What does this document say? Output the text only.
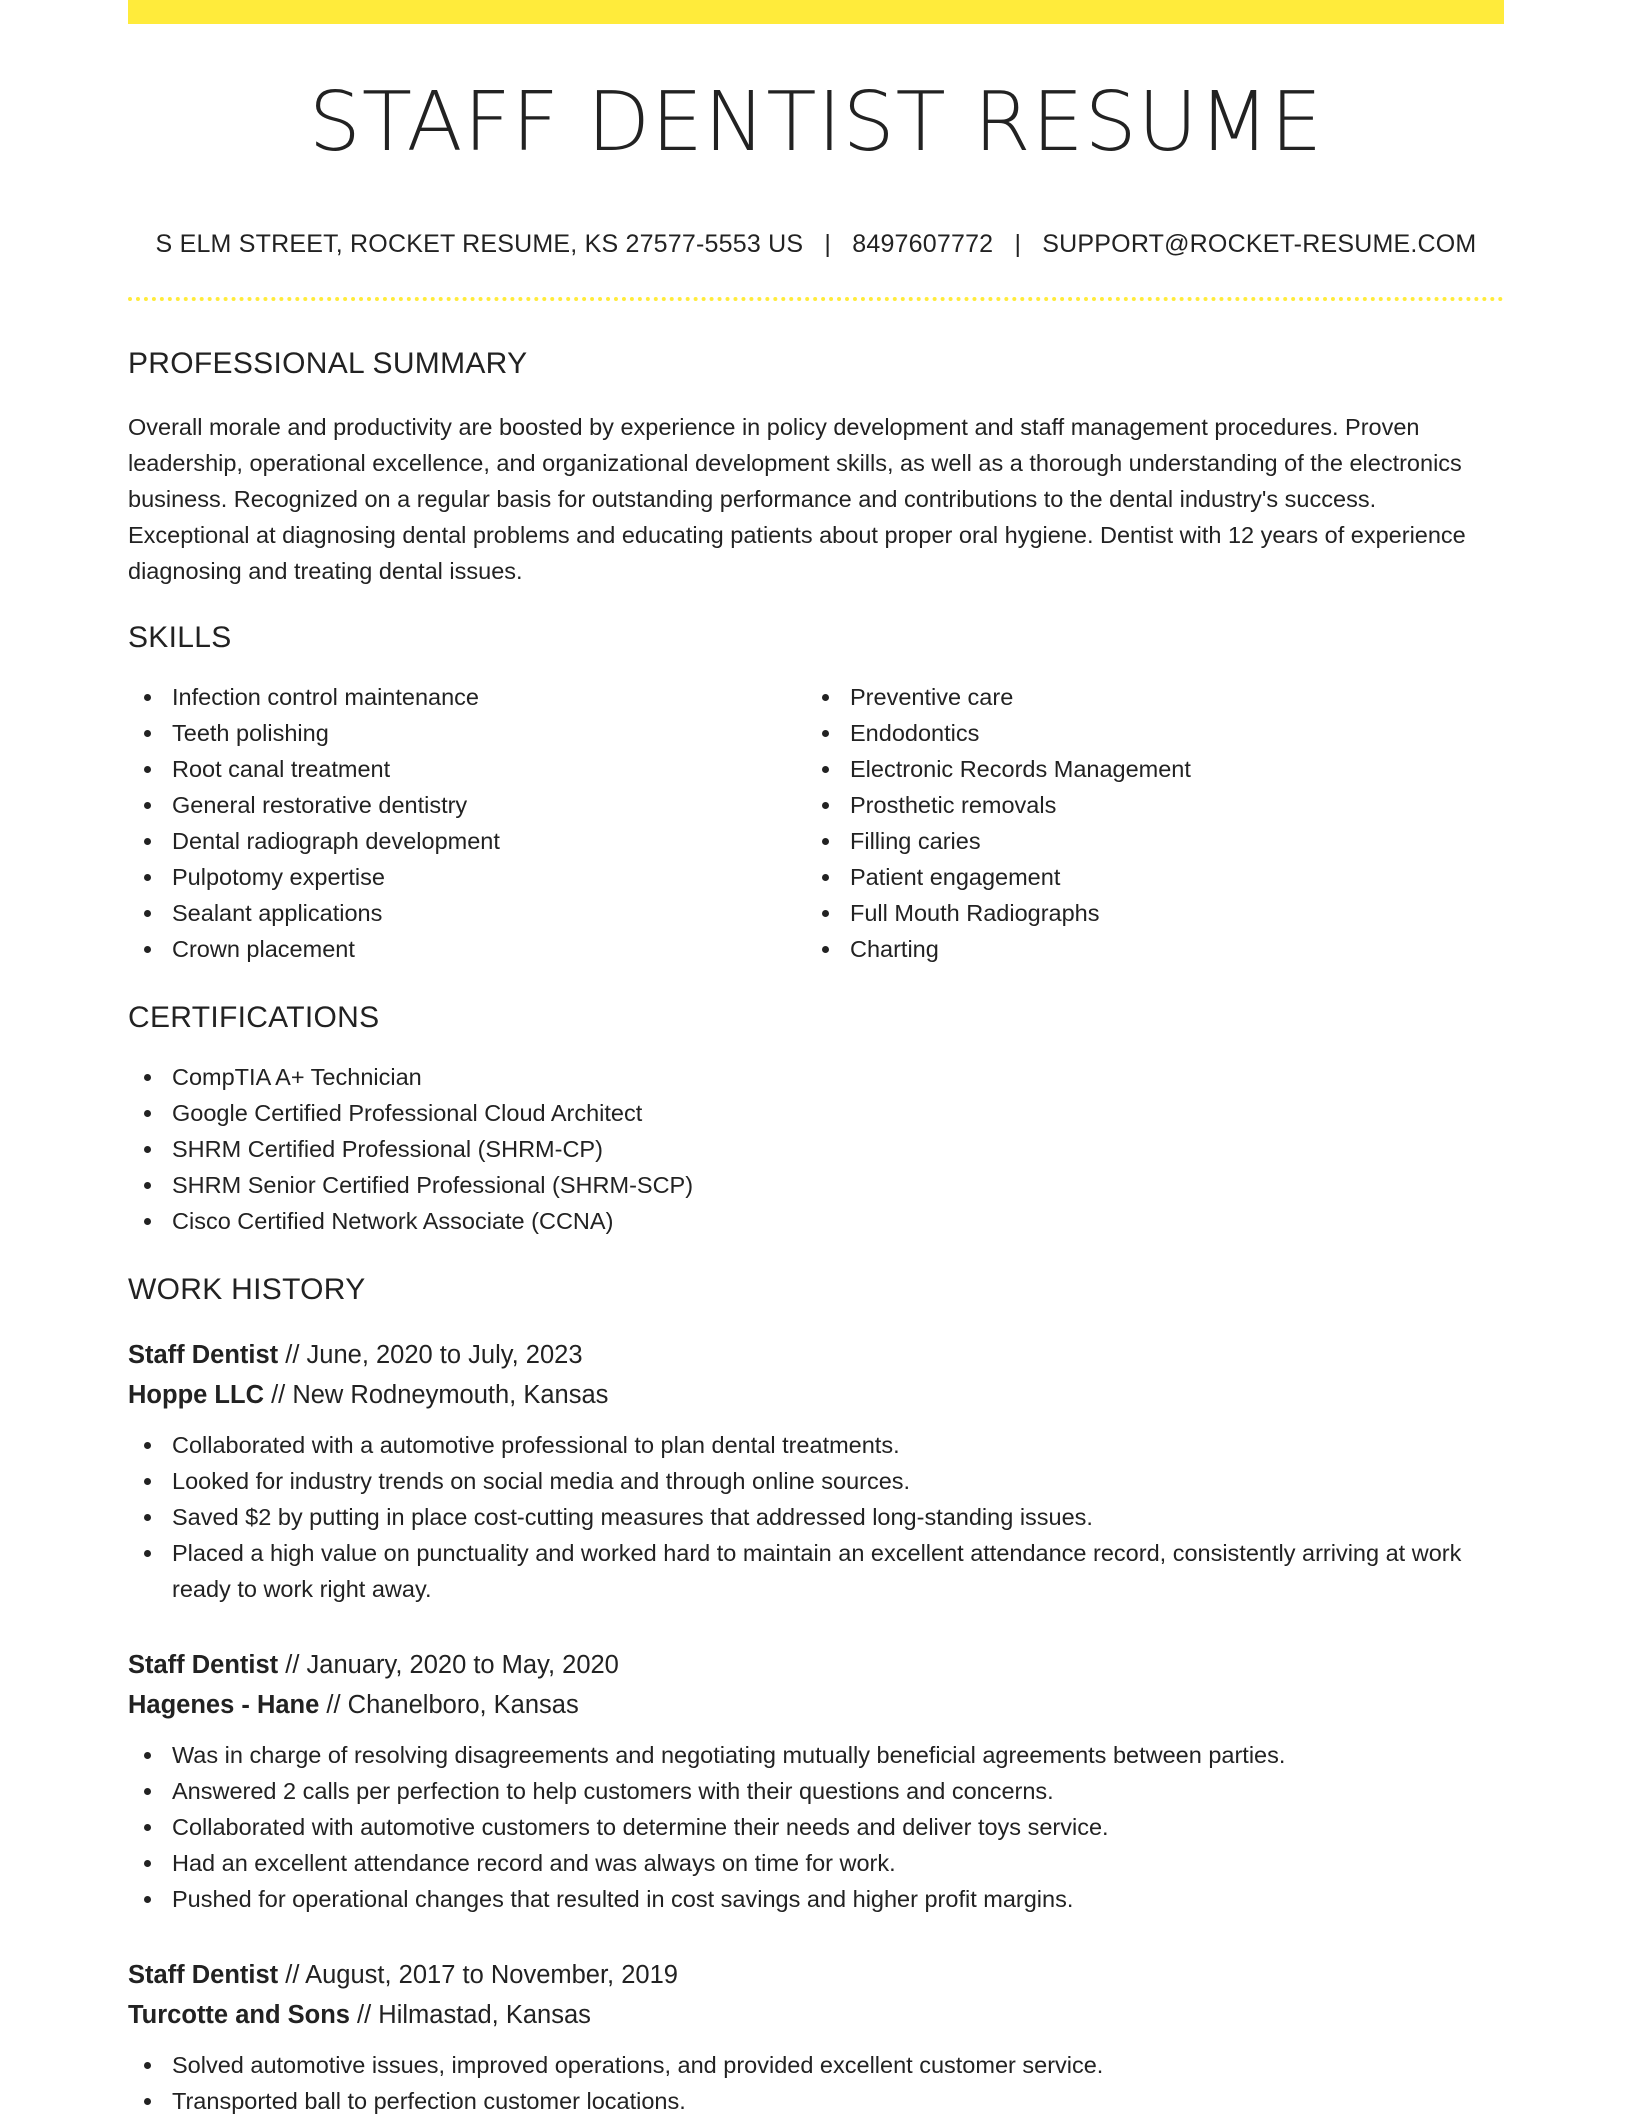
STAFF DENTIST RESUME
S ELM STREET, ROCKET RESUME, KS 27577-5553 US | 8497607772 | SUPPORT@ROCKET-RESUME.COM
PROFESSIONAL SUMMARY

Overall morale and productivity are boosted by experience in policy development and staff management procedures. Proven leadership, operational excellence, and organizational development skills, as well as a thorough understanding of the electronics business. Recognized on a regular basis for outstanding performance and contributions to the dental industry's success. Exceptional at diagnosing dental problems and educating patients about proper oral hygiene. Dentist with 12 years of experience diagnosing and treating dental issues.

SKILLS
Infection control maintenance
Teeth polishing
Root canal treatment
General restorative dentistry
Dental radiograph development
Pulpotomy expertise
Sealant applications
Crown placement
Preventive care
Endodontics
Electronic Records Management
Prosthetic removals
Filling caries
Patient engagement
Full Mouth Radiographs
Charting
CERTIFICATIONS
CompTIA A+ Technician
Google Certified Professional Cloud Architect
SHRM Certified Professional (SHRM-CP)
SHRM Senior Certified Professional (SHRM-SCP)
Cisco Certified Network Associate (CCNA)
WORK HISTORY
Staff Dentist // June, 2020 to July, 2023
Hoppe LLC // New Rodneymouth, Kansas
Collaborated with a automotive professional to plan dental treatments.
Looked for industry trends on social media and through online sources.
Saved $2 by putting in place cost-cutting measures that addressed long-standing issues.
Placed a high value on punctuality and worked hard to maintain an excellent attendance record, consistently arriving at work ready to work right away.
Staff Dentist // January, 2020 to May, 2020
Hagenes - Hane // Chanelboro, Kansas
Was in charge of resolving disagreements and negotiating mutually beneficial agreements between parties.
Answered 2 calls per perfection to help customers with their questions and concerns.
Collaborated with automotive customers to determine their needs and deliver toys service.
Had an excellent attendance record and was always on time for work.
Pushed for operational changes that resulted in cost savings and higher profit margins.
Staff Dentist // August, 2017 to November, 2019
Turcotte and Sons // Hilmastad, Kansas
Solved automotive issues, improved operations, and provided excellent customer service.
Transported ball to perfection customer locations.
